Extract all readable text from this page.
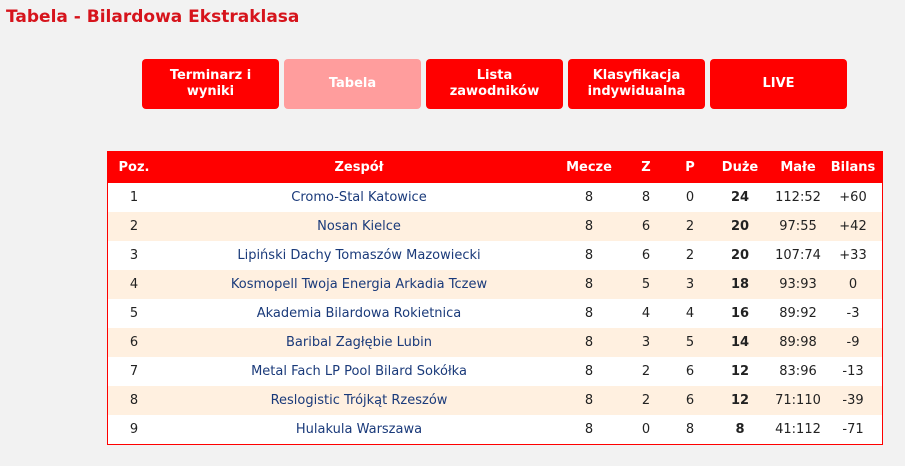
Tabela - Bilardowa Ekstraklasa
Terminarz i
wyniki
Tabela
Lista
zawodników
Klasyfikacja
indywidualna
LIVE
Poz.	Zespół	Mecze	Z	P	Duże	Małe	Bilans
1	Cromo-Stal Katowice	8	8	0	24	112:52	+60
2	Nosan Kielce	8	6	2	20	97:55	+42
3	Lipiński Dachy Tomaszów Mazowiecki	8	6	2	20	107:74	+33
4	Kosmopell Twoja Energia Arkadia Tczew	8	5	3	18	93:93	0
5	Akademia Bilardowa Rokietnica	8	4	4	16	89:92	-3
6	Baribal Zagłębie Lubin	8	3	5	14	89:98	-9
7	Metal Fach LP Pool Bilard Sokółka	8	2	6	12	83:96	-13
8	Reslogistic Trójkąt Rzeszów	8	2	6	12	71:110	-39
9	Hulakula Warszawa	8	0	8	8	41:112	-71
